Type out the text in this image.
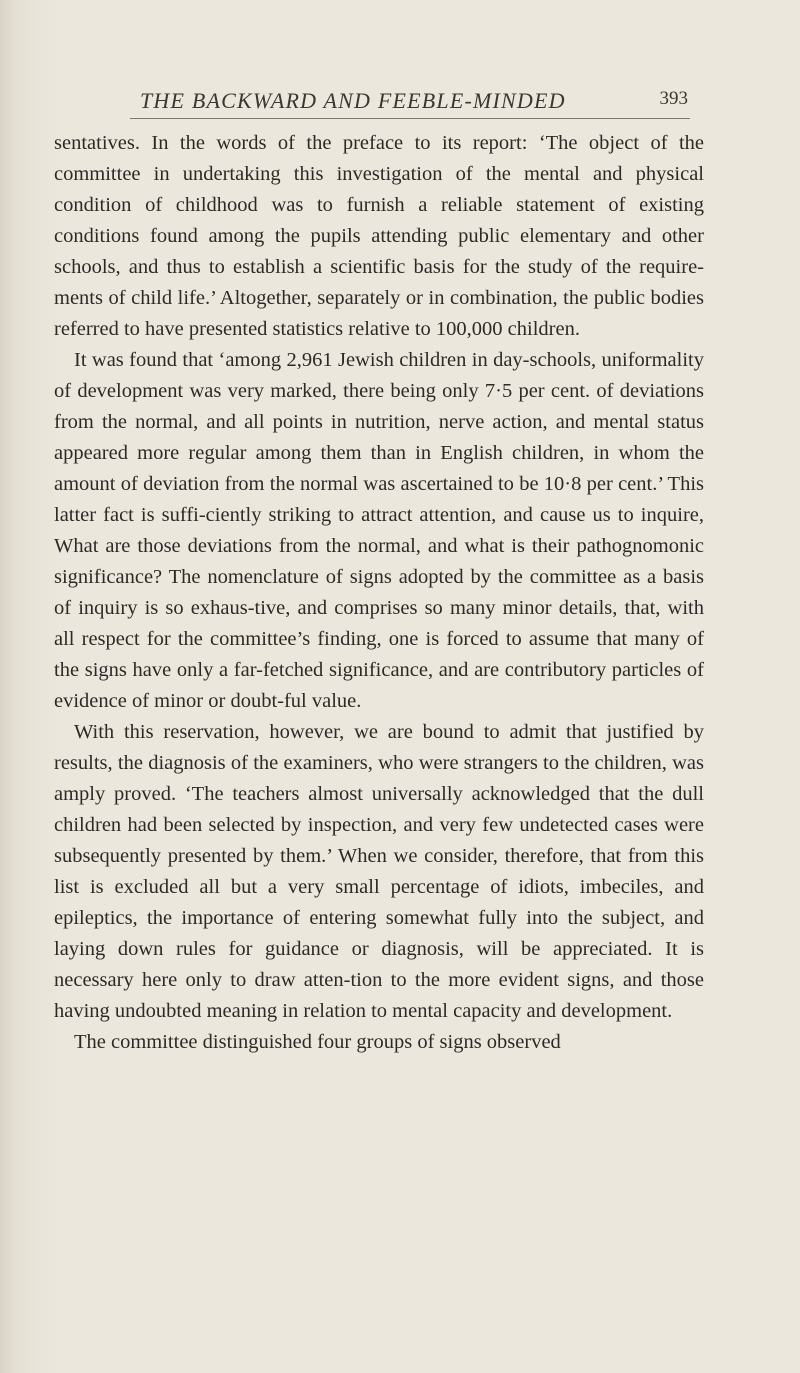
THE BACKWARD AND FEEBLE-MINDED	393

sentatives. In the words of the preface to its report: ‘The object of the committee in undertaking this investigation of the mental and physical condition of childhood was to furnish a reliable statement of existing conditions found among the pupils attending public elementary and other schools, and thus to establish a scientific basis for the study of the require-ments of child life.’ Altogether, separately or in combination, the public bodies referred to have presented statistics relative to 100,000 children.

It was found that ‘among 2,961 Jewish children in day-schools, uniformality of development was very marked, there being only 7·5 per cent. of deviations from the normal, and all points in nutrition, nerve action, and mental status appeared more regular among them than in English children, in whom the amount of deviation from the normal was ascertained to be 10·8 per cent.’ This latter fact is suffi-ciently striking to attract attention, and cause us to inquire, What are those deviations from the normal, and what is their pathognomonic significance? The nomenclature of signs adopted by the committee as a basis of inquiry is so exhaus-tive, and comprises so many minor details, that, with all respect for the committee’s finding, one is forced to assume that many of the signs have only a far-fetched significance, and are contributory particles of evidence of minor or doubt-ful value.

With this reservation, however, we are bound to admit that justified by results, the diagnosis of the examiners, who were strangers to the children, was amply proved. ‘The teachers almost universally acknowledged that the dull children had been selected by inspection, and very few undetected cases were subsequently presented by them.’ When we consider, therefore, that from this list is excluded all but a very small percentage of idiots, imbeciles, and epileptics, the importance of entering somewhat fully into the subject, and laying down rules for guidance or diagnosis, will be appreciated. It is necessary here only to draw atten-tion to the more evident signs, and those having undoubted meaning in relation to mental capacity and development.

The committee distinguished four groups of signs observed
